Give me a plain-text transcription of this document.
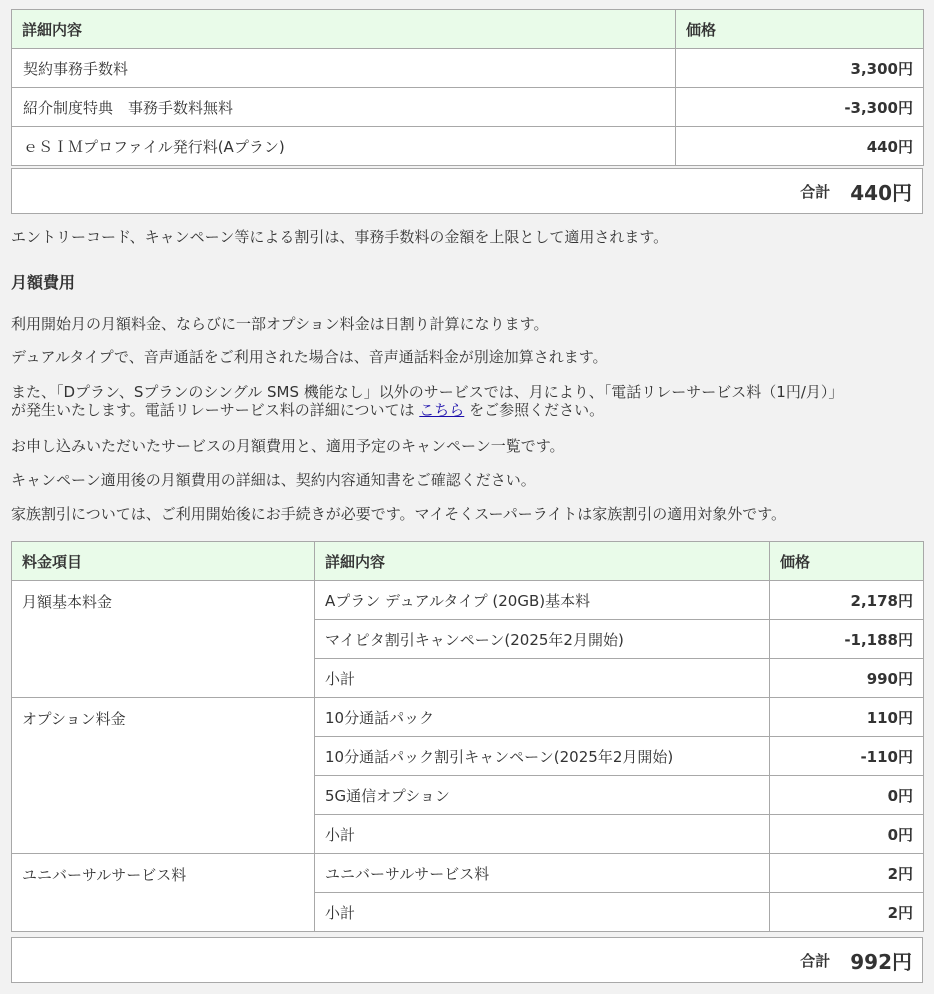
詳細内容	価格
契約事務手数料	3,300円
紹介制度特典　事務手数料無料	-3,300円
ｅＳＩＭプロファイル発行料(Aプラン)	440円
合計 440円

エントリーコード、キャンペーン等による割引は、事務手数料の金額を上限として適用されます。

月額費用

利用開始月の月額料金、ならびに一部オプション料金は日割り計算になります。

デュアルタイプで、音声通話をご利用された場合は、音声通話料金が別途加算されます。

また、「Dプラン、Sプランのシングル SMS 機能なし」以外のサービスでは、月により、「電話リレーサービス料（1円/月）」
が発生いたします。電話リレーサービス料の詳細については こちら をご参照ください。

お申し込みいただいたサービスの月額費用と、適用予定のキャンペーン一覧です。

キャンペーン適用後の月額費用の詳細は、契約内容通知書をご確認ください。

家族割引については、ご利用開始後にお手続きが必要です。マイそくスーパーライトは家族割引の適用対象外です。

料金項目	詳細内容	価格
月額基本料金	Aプラン デュアルタイプ (20GB)基本料	2,178円
	マイピタ割引キャンペーン(2025年2月開始)	-1,188円
	小計	990円
オプション料金	10分通話パック	110円
	10分通話パック割引キャンペーン(2025年2月開始)	-110円
	5G通信オプション	0円
	小計	0円
ユニバーサルサービス料	ユニバーサルサービス料	2円
	小計	2円
合計 992円
